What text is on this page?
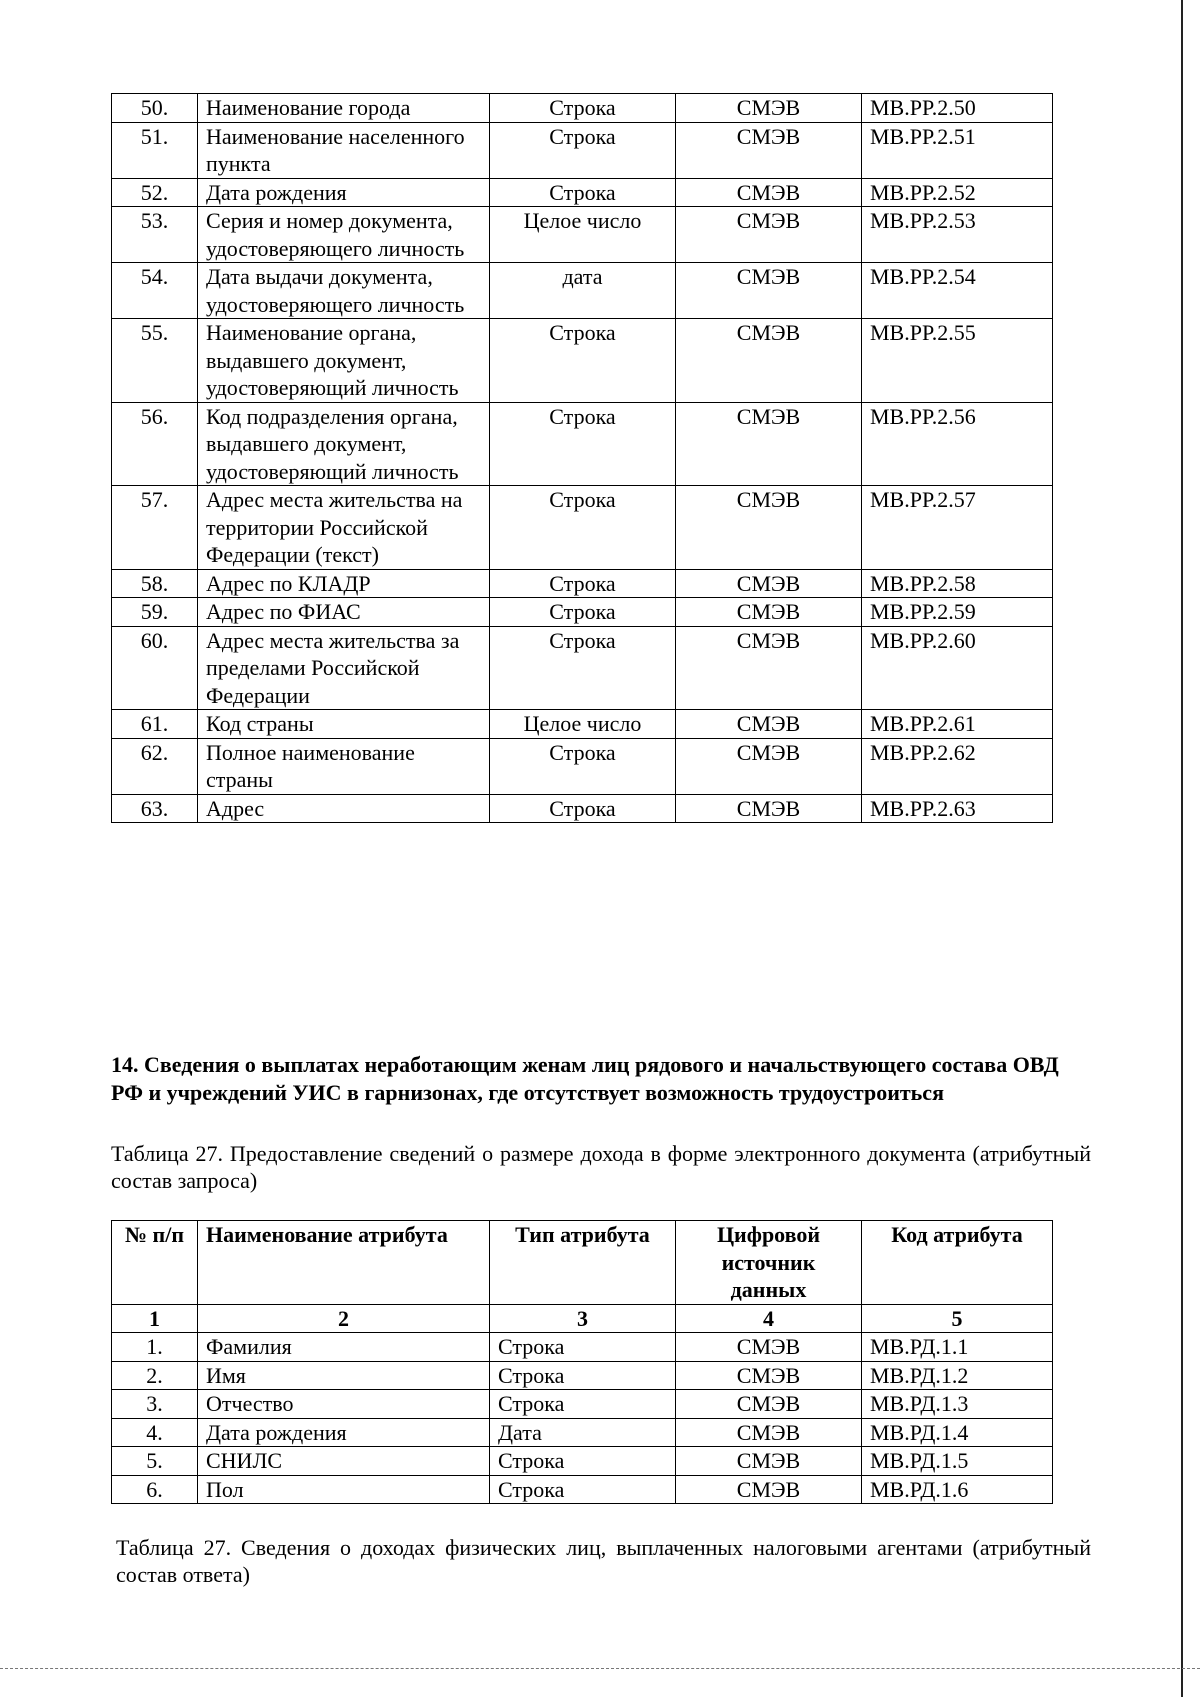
50.	Наименование города	Строка	СМЭВ	MB.PP.2.50
51.	Наименование населенного пункта	Строка	СМЭВ	MB.PP.2.51
52.	Дата рождения	Строка	СМЭВ	MB.PP.2.52
53.	Серия и номер документа, удостоверяющего личность	Целое число	СМЭВ	MB.PP.2.53
54.	Дата выдачи документа, удостоверяющего личность	дата	СМЭВ	MB.PP.2.54
55.	Наименование органа, выдавшего документ, удостоверяющий личность	Строка	СМЭВ	MB.PP.2.55
56.	Код подразделения органа, выдавшего документ, удостоверяющий личность	Строка	СМЭВ	MB.PP.2.56
57.	Адрес места жительства на территории Российской Федерации (текст)	Строка	СМЭВ	MB.PP.2.57
58.	Адрес по КЛАДР	Строка	СМЭВ	MB.PP.2.58
59.	Адрес по ФИАС	Строка	СМЭВ	MB.PP.2.59
60.	Адрес места жительства за пределами Российской Федерации	Строка	СМЭВ	MB.PP.2.60
61.	Код страны	Целое число	СМЭВ	MB.PP.2.61
62.	Полное наименование страны	Строка	СМЭВ	MB.PP.2.62
63.	Адрес	Строка	СМЭВ	MB.PP.2.63
14. Сведения о выплатах неработающим женам лиц рядового и начальствующего состава ОВД РФ и учреждений УИС в гарнизонах, где отсутствует возможность трудоустроиться
Таблица 27. Предоставление сведений о размере дохода в форме электронного документа (атрибутный состав запроса)
№ п/п	Наименование атрибута	Тип атрибута	Цифровой источник данных	Код атрибута
1	2	3	4	5
1.	Фамилия	Строка	СМЭВ	MB.РД.1.1
2.	Имя	Строка	СМЭВ	MB.РД.1.2
3.	Отчество	Строка	СМЭВ	MB.РД.1.3
4.	Дата рождения	Дата	СМЭВ	MB.РД.1.4
5.	СНИЛС	Строка	СМЭВ	MB.РД.1.5
6.	Пол	Строка	СМЭВ	MB.РД.1.6
Таблица 27. Сведения о доходах физических лиц, выплаченных налоговыми агентами (атрибутный состав ответа)
